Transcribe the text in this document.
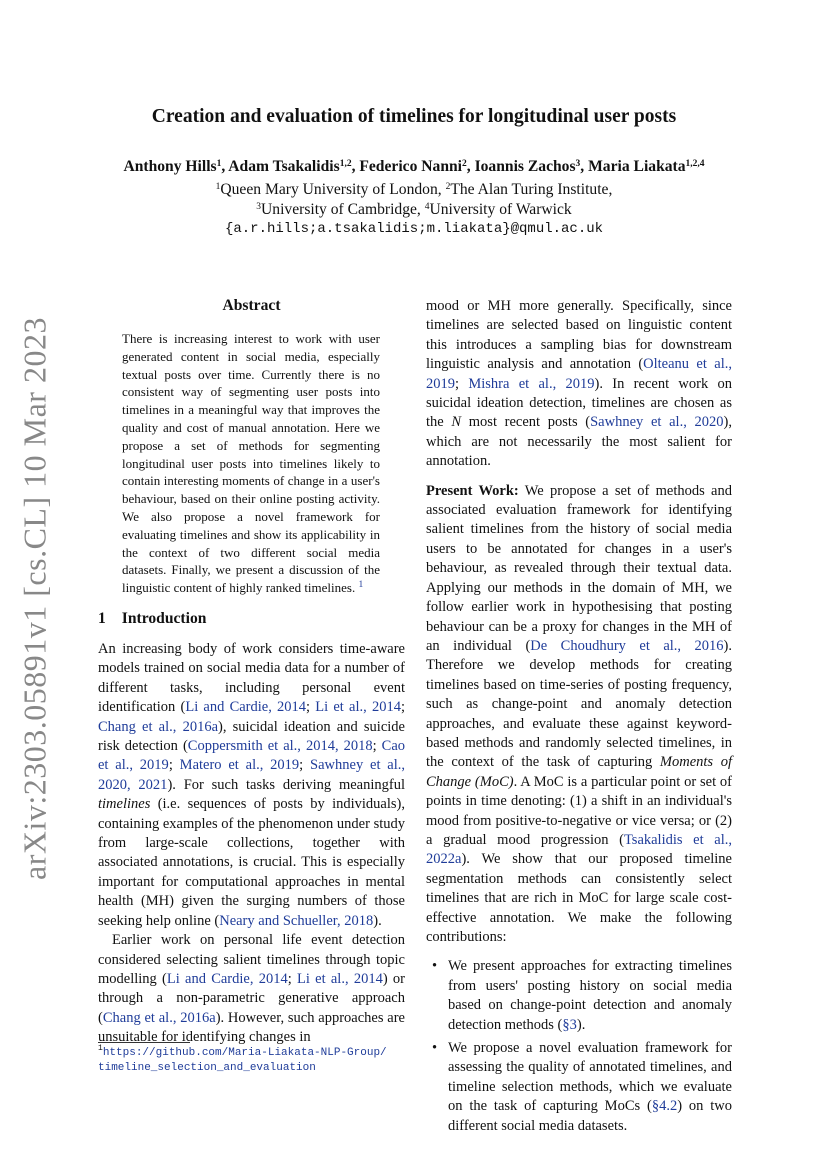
arXiv:2303.05891v1 [cs.CL] 10 Mar 2023
Creation and evaluation of timelines for longitudinal user posts
Anthony Hills$^1$, Adam Tsakalidis$^{1,2}$, Federico Nanni$^2$, Ioannis Zachos$^3$, Maria Liakata$^{1,2,4}$
$^1$Queen Mary University of London, $^2$The Alan Turing Institute,
$^3$University of Cambridge, $^4$University of Warwick
{a.r.hills;a.tsakalidis;m.liakata}@qmul.ac.uk
Abstract
There is increasing interest to work with user generated content in social media, especially textual posts over time. Currently there is no consistent way of segmenting user posts into timelines in a meaningful way that improves the quality and cost of manual annotation. Here we propose a set of methods for segmenting longitudinal user posts into timelines likely to contain interesting moments of change in a user's behaviour, based on their online posting activity. We also propose a novel framework for evaluating timelines and show its applicability in the context of two different social media datasets. Finally, we present a discussion of the linguistic content of highly ranked timelines. $^1$
1 Introduction

An increasing body of work considers time-aware models trained on social media data for a number of different tasks, including personal event identification (Li and Cardie, 2014; Li et al., 2014; Chang et al., 2016a), suicidal ideation and suicide risk detection (Coppersmith et al., 2014, 2018; Cao et al., 2019; Matero et al., 2019; Sawhney et al., 2020, 2021). For such tasks deriving meaningful timelines (i.e. sequences of posts by individuals), containing examples of the phenomenon under study from large-scale collections, together with associated annotations, is crucial. This is especially important for computational approaches in mental health (MH) given the surging numbers of those seeking help online (Neary and Schueller, 2018).

Earlier work on personal life event detection considered selecting salient timelines through topic modelling (Li and Cardie, 2014; Li et al., 2014) or through a non-parametric generative approach (Chang et al., 2016a). However, such approaches are unsuitable for identifying changes in

$^1$https://github.com/Maria-Liakata-NLP-Group/
timeline_selection_and_evaluation

mood or MH more generally. Specifically, since timelines are selected based on linguistic content this introduces a sampling bias for downstream linguistic analysis and annotation (Olteanu et al., 2019; Mishra et al., 2019). In recent work on suicidal ideation detection, timelines are chosen as the N most recent posts (Sawhney et al., 2020), which are not necessarily the most salient for annotation.

Present Work: We propose a set of methods and associated evaluation framework for identifying salient timelines from the history of social media users to be annotated for changes in a user's behaviour, as revealed through their textual data. Applying our methods in the domain of MH, we follow earlier work in hypothesising that posting behaviour can be a proxy for changes in the MH of an individual (De Choudhury et al., 2016). Therefore we develop methods for creating timelines based on time-series of posting frequency, such as change-point and anomaly detection approaches, and evaluate these against keyword-based methods and randomly selected timelines, in the context of the task of capturing Moments of Change (MoC). A MoC is a particular point or set of points in time denoting: (1) a shift in an individual's mood from positive-to-negative or vice versa; or (2) a gradual mood progression (Tsakalidis et al., 2022a). We show that our proposed timeline segmentation methods can consistently select timelines that are rich in MoC for large scale cost-effective annotation. We make the following contributions:

• We present approaches for extracting timelines from users' posting history on social media based on change-point detection and anomaly detection methods (§3).
• We propose a novel evaluation framework for assessing the quality of annotated timelines, and timeline selection methods, which we evaluate on the task of capturing MoCs (§4.2) on two different social media datasets.
